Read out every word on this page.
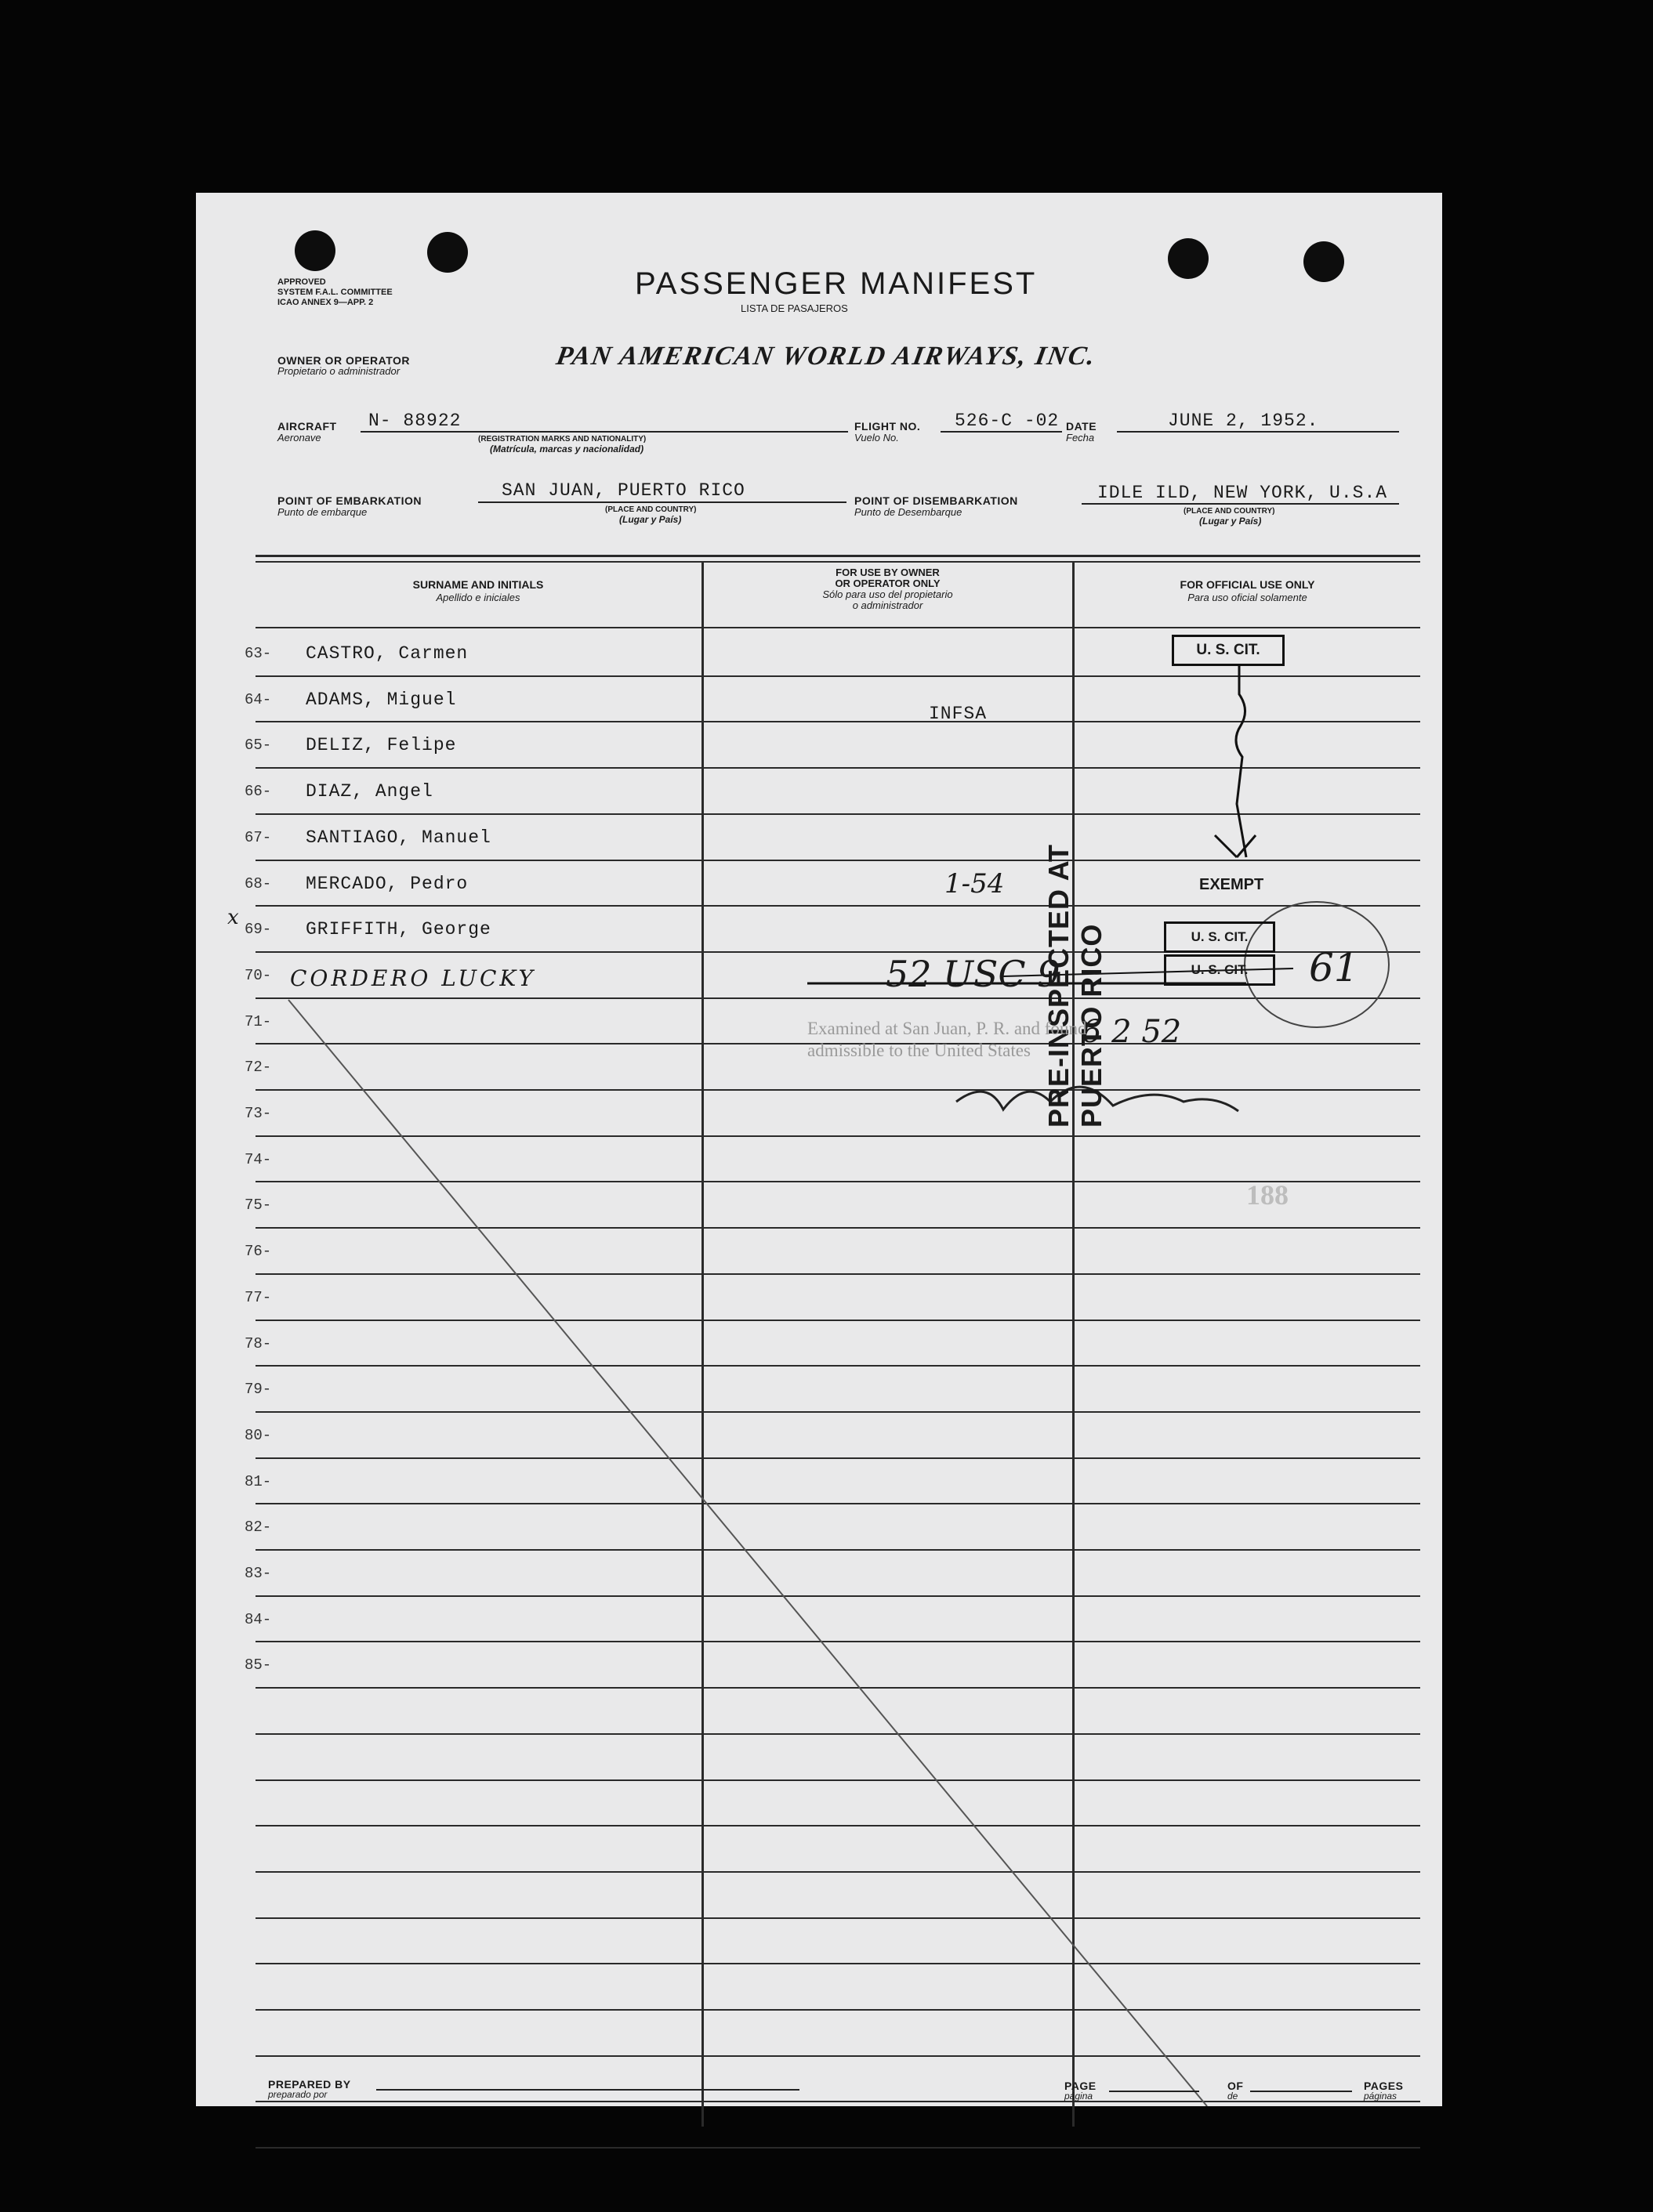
APPROVED
SYSTEM F.A.L. COMMITTEE
ICAO ANNEX 9—APP. 2
PASSENGER MANIFEST
LISTA DE PASAJEROS
OWNER OR OPERATOR
Propietario o administrador
PAN AMERICAN WORLD AIRWAYS, INC.
AIRCRAFT
Aeronave
N- 88922
(REGISTRATION MARKS AND NATIONALITY)
(Matrícula, marcas y nacionalidad)
FLIGHT NO.
Vuelo No.
526-C -02 DATE
Fecha
JUNE 2, 1952.
POINT OF EMBARKATION
Punto de embarque
SAN JUAN, PUERTO RICO
(PLACE AND COUNTRY)
(Lugar y País)
POINT OF DISEMBARKATION
Punto de Desembarque
IDLE ILD, NEW YORK, U.S.A
(PLACE AND COUNTRY)
(Lugar y País)
SURNAME AND INITIALS
Apellido e iniciales
FOR USE BY OWNER
OR OPERATOR ONLY
Sólo para uso del propietario
o administrador
FOR OFFICIAL USE ONLY
Para uso oficial solamente
63- CASTRO, Carmen
64- ADAMS, Miguel
65- DELIZ, Felipe
66- DIAZ, Angel
67- SANTIAGO, Manuel
68- MERCADO, Pedro
69- GRIFFITH, George
70- CORDERO LUCKY
71-
72-
73-
74-
75-
76-
77-
78-
79-
80-
81-
82-
83-
84-
85-
INFSA
U. S. CIT.
EXEMPT
U. S. CIT.
U. S. CIT.
52 USC 9	61
6 2 52
1-54
x	PRE-INSPECTED AT PUERTO RICO
Examined at San Juan, P. R. and found
admissible to the United States
188
PREPARED BY
preparado por
PAGE
página
OF
de
PAGES
páginas
